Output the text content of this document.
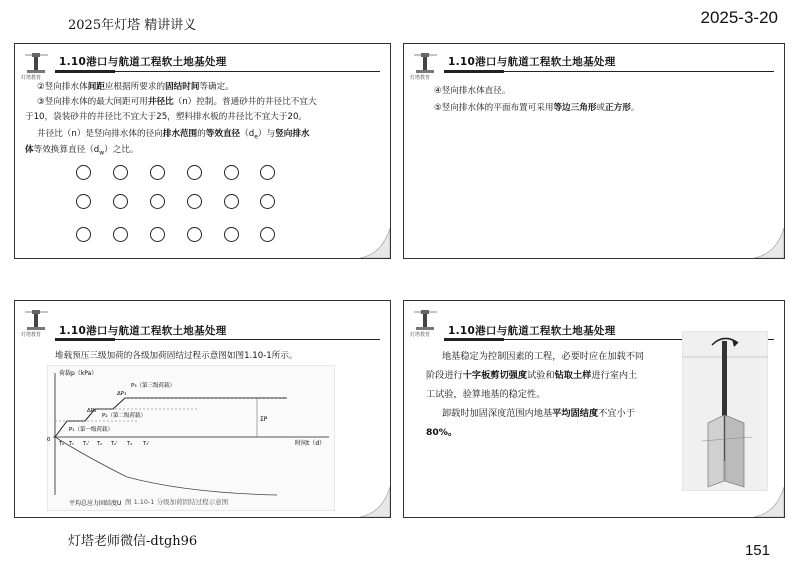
2025年灯塔 精讲讲义	2025-3-20
灯塔教育
1.10港口与航道工程软土地基处理
②竖向排水体间距应根据所要求的固结时间等确定。
③竖向排水体的最大间距可用井径比（n）控制。普通砂井的井径比不宜大
于10，袋装砂井的井径比不宜大于25，塑料排水板的井径比不宜大于20。
井径比（n）是竖向排水体的径向排水范围的等效直径$(d_e)$与竖向排水
体等效换算直径$(d_w)$之比。
灯塔教育
1.10港口与航道工程软土地基处理
④竖向排水体直径。
⑤竖向排水体的平面布置可采用等边三角形或正方形。
灯塔教育 1.10港口与航道工程软土地基处理
堆载预压三级加荷的各级加荷固结过程示意图如图1.10-1所示。
荷载p（kPa）
时间t（d）
平均总应力固结度U
P₁（第一级荷载）
ΔP₂
P₂（第二级荷载）
ΔP₃
P₃（第三级荷载）
ΣP
0
T₀ T₁ T₁' T₂ T₂' T₃ T₃'
图 1.10-1 分级加荷固结过程示意图
灯塔教育 1.10港口与航道工程软土地基处理
地基稳定为控制因素的工程，必要时应在加载不同
阶段进行十字板剪切强度试验和钻取土样进行室内土
工试验，验算地基的稳定性。
卸载时加固深度范围内地基平均固结度不宜小于
80%。
灯塔老师微信-dtgh96
151
